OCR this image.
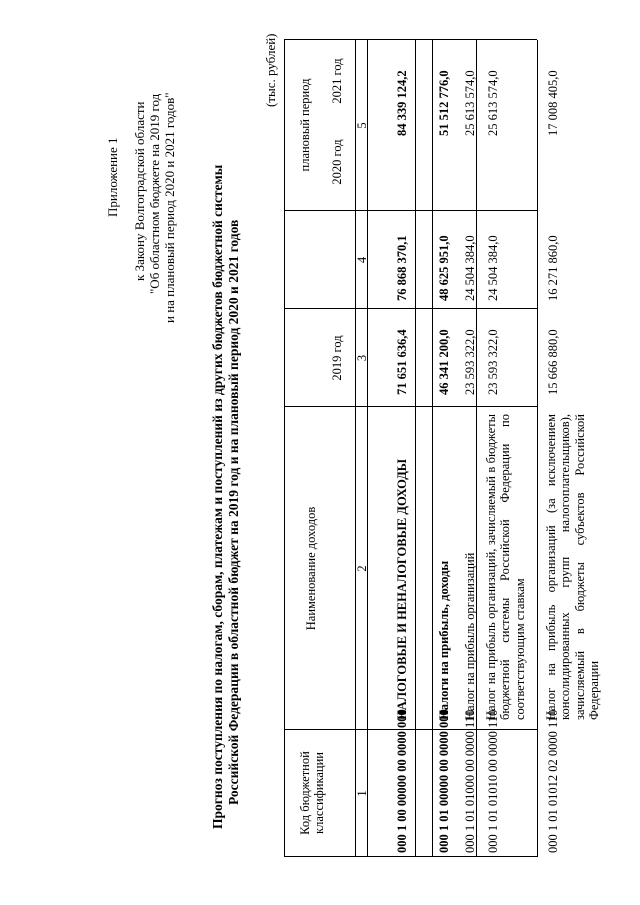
Приложение 1 к Закону Волгоградской области "Об областном бюджете на 2019 год и на плановый период 2020 и 2021 годов" Прогноз поступления по налогам, сборам, платежам и поступлений из других бюджетов бюджетной системы Российской Федерации в областной бюджет на 2019 год и на плановый период 2020 и 2021 годов
(тыс. рублей)
Код бюджетной классификации
Наименование доходов
2019 год
плановый период 2020 год
2021 год
1
2
3
4
5
000 1 00 00000 00 0000 000
НАЛОГОВЫЕ И НЕНАЛОГОВЫЕ ДОХОДЫ
71 651 636,4
76 868 370,1
84 339 124,2
000 1 01 00000 00 0000 000
Налоги на прибыль, доходы
46 341 200,0
48 625 951,0
51 512 776,0
000 1 01 01000 00 0000 110
Налог на прибыль организаций
23 593 322,0
24 504 384,0
25 613 574,0
000 1 01 01010 00 0000 110
Налог на прибыль организаций, зачисляемый в бюджеты бюджетной системы Российской Федерации по соответствующим ставкам
23 593 322,0
24 504 384,0
25 613 574,0
000 1 01 01012 02 0000 110
Налог на прибыль организаций (за исключением консолидированных групп налогоплательщиков), зачисляемый в бюджеты субъектов Российской Федерации
15 666 880,0
16 271 860,0
17 008 405,0
